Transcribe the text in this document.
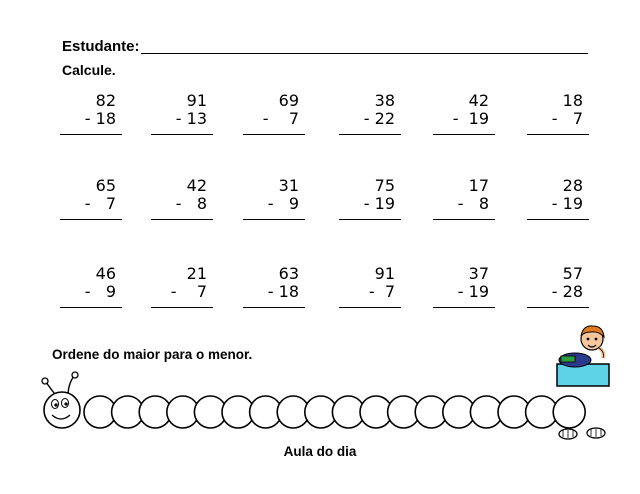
Estudante:
Calcule.
82
- 18
91
- 13
69
-    7
38
- 22
42
-  19
18
-   7
65
-   7
42
-   8
31
-   9
75
- 19
17
-   8
28
- 19
46
-   9
21
-    7
63
- 18
91
-  7
37
- 19
57
- 28
Ordene do maior para o menor.
Aula do dia
